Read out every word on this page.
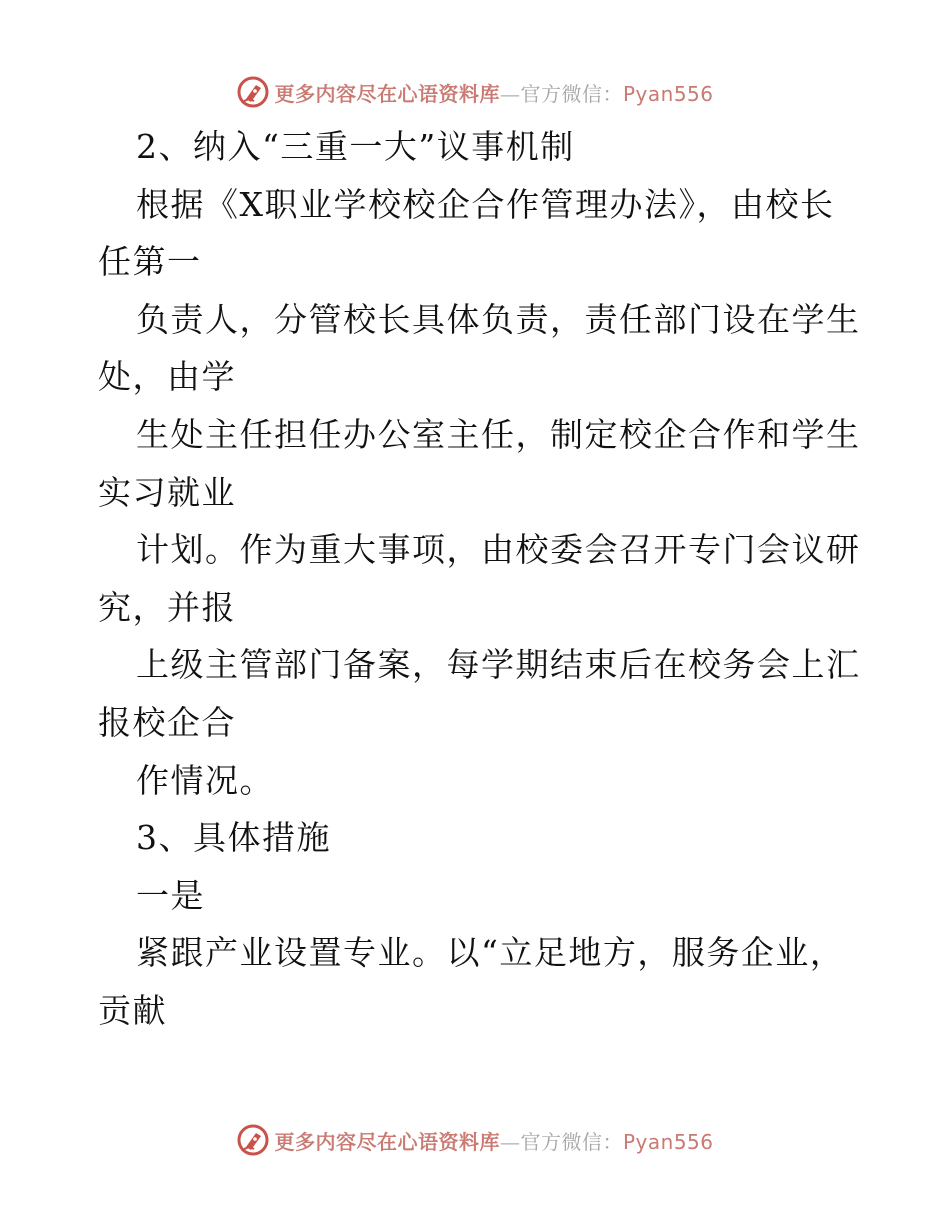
更多内容尽在心语资料库—官方微信：Pyan556
2、纳入“三重一大”议事机制
根据《X职业学校校企合作管理办法》，由校长
任第一
负责人，分管校长具体负责，责任部门设在学生
处，由学
生处主任担任办公室主任，制定校企合作和学生
实习就业
计划。作为重大事项，由校委会召开专门会议研
究，并报
上级主管部门备案，每学期结束后在校务会上汇
报校企合
作情况。
3、具体措施
一是
紧跟产业设置专业。以“立足地方，服务企业，
贡献
更多内容尽在心语资料库—官方微信：Pyan556
